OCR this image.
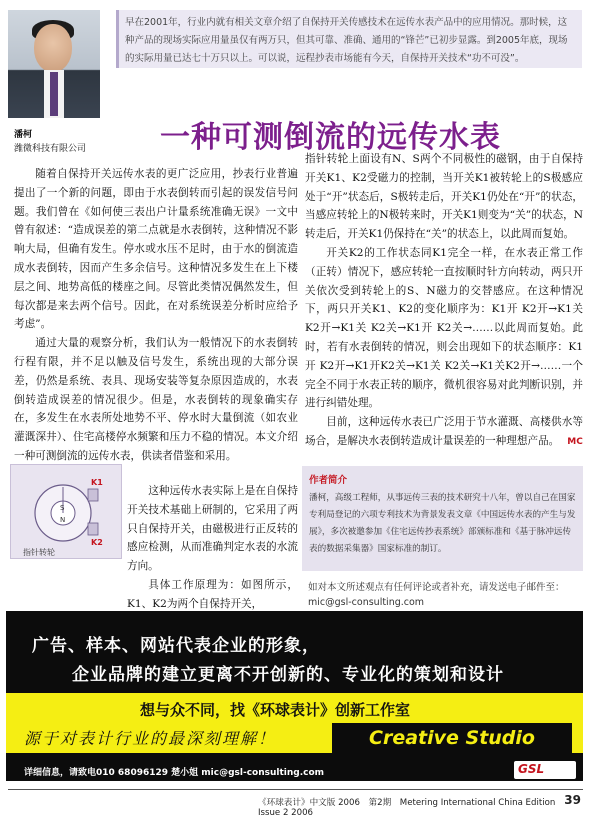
潘柯
潍微科技有限公司
早在2001年，行业内就有相关文章介绍了自保持开关传感技术在远传水表产品中的应用情况。那时候，这种产品的现场实际应用量虽仅有两万只，但其可靠、准确、通用的“锋芒”已初步显露。到2005年底，现场的实际用量已达七十万只以上。可以说，远程抄表市场能有今天，自保持开关技术“功不可没”。
一种可测倒流的远传水表

随着自保持开关远传水表的更广泛应用，抄表行业普遍提出了一个新的问题，即由于水表倒转而引起的误发信号问题。我们曾在《如何使三表出户计量系统准确无误》一文中曾有叙述：“造成误差的第二点就是水表倒转，这种情况不影响大局，但确有发生。停水或水压不足时，由于水的倒流造成水表倒转，因而产生多余信号。这种情况多发生在上下楼层之间、地势高低的楼座之间。尽管此类情况偶然发生，但每次都是来去两个信号。因此，在对系统误差分析时应给予考虑”。

通过大量的观察分析，我们认为一般情况下的水表倒转行程有限，并不足以触及信号发生，系统出现的大部分误差，仍然是系统、表具、现场安装等复杂原因造成的，水表倒转造成误差的情况很少。但是，水表倒转的现象确实存在，多发生在水表所处地势不平、停水时大量倒流（如农业灌溉深井）、住宅高楼停水频繁和压力不稳的情况。本文介绍一种可测倒流的远传水表，供读者借鉴和采用。

K1
K2
S
N
指针转轮

这种远传水表实际上是在自保持开关技术基础上研制的，它采用了两只自保持开关，由磁极进行正反转的感应检测，从而准确判定水表的水流方向。

具体工作原理为：如图所示，K1、K2为两个自保持开关，

指针转轮上面设有N、S两个不同极性的磁钢，由于自保持开关K1、K2受磁力的控制，当开关K1被转轮上的S极感应处于“开”状态后，S极转走后，开关K1仍处在“开”的状态，当感应转轮上的N极转来时，开关K1则变为“关”的状态，N转走后，开关K1仍保持在“关”的状态上，以此周而复始。

开关K2的工作状态同K1完全一样，在水表正常工作（正转）情况下，感应转轮一直按顺时针方向转动，两只开关依次受到转轮上的S、N磁力的交替感应。在这种情况下，两只开关K1、K2的变化顺序为：K1开 K2开→K1关 K2开→K1关 K2关→K1开 K2关→……以此周而复始。此时，若有水表倒转的情况，则会出现如下的状态顺序：K1开 K2开→K1开K2关→K1关 K2关→K1关K2开→……一个完全不同于水表正转的顺序，微机很容易对此判断识别，并进行纠错处理。

目前，这种远传水表已广泛用于节水灌溉、高楼供水等场合，是解决水表倒转造成计量误差的一种理想产品。 MC

作者简介
潘柯，高级工程师，从事远传三表的技术研究十八年，曾以自己在国家专利局登记的六项专利技术为背景发表文章《中国远传水表的产生与发展》，多次被邀参加《住宅远传抄表系统》部颁标准和《基于脉冲远传表的数据采集器》国家标准的制订。
如对本文所述观点有任何评论或者补充，请发送电子邮件至：mic@gsl-consulting.com
广告、样本、网站代表企业的形象，
企业品牌的建立更离不开创新的、专业化的策划和设计
想与众不同，找《环球表计》创新工作室
源于对表计行业的最深刻理解！	Creative Studio
详细信息，请致电010 68096129 楚小姐 mic@gsl-consulting.com	GSL
《环球表计》中文版 2006　第2期　Metering International China Edition　Issue 2 2006
39
